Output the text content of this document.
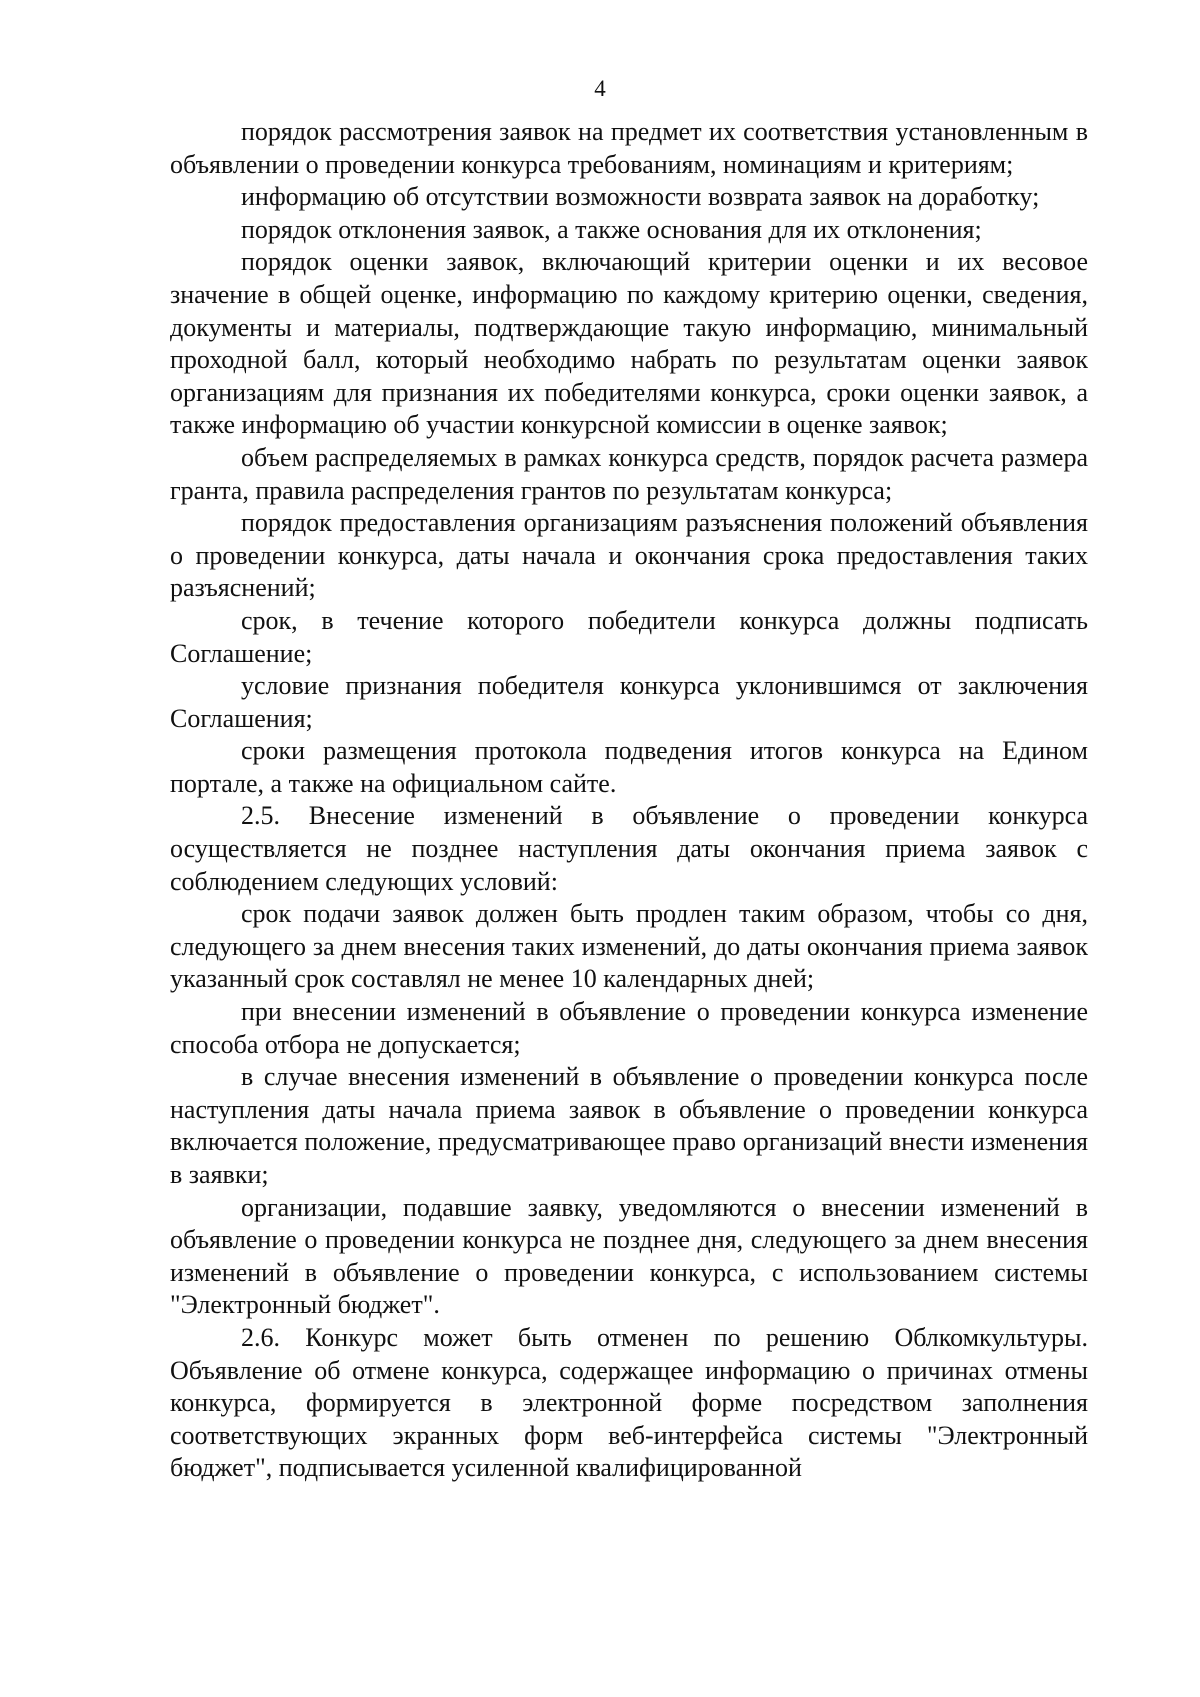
4

порядок рассмотрения заявок на предмет их соответствия установленным в объявлении о проведении конкурса требованиям, номинациям и критериям;

информацию об отсутствии возможности возврата заявок на доработку;

порядок отклонения заявок, а также основания для их отклонения;

порядок оценки заявок, включающий критерии оценки и их весовое значение в общей оценке, информацию по каждому критерию оценки, сведения, документы и материалы, подтверждающие такую информацию, минимальный проходной балл, который необходимо набрать по результатам оценки заявок организациям для признания их победителями конкурса, сроки оценки заявок, а также информацию об участии конкурсной комиссии в оценке заявок;

объем распределяемых в рамках конкурса средств, порядок расчета размера гранта, правила распределения грантов по результатам конкурса;

порядок предоставления организациям разъяснения положений объявления о проведении конкурса, даты начала и окончания срока предоставления таких разъяснений;

срок, в течение которого победители конкурса должны подписать Соглашение;

условие признания победителя конкурса уклонившимся от заключения Соглашения;

сроки размещения протокола подведения итогов конкурса на Едином портале, а также на официальном сайте.

2.5. Внесение изменений в объявление о проведении конкурса осуществляется не позднее наступления даты окончания приема заявок с соблюдением следующих условий:

срок подачи заявок должен быть продлен таким образом, чтобы со дня, следующего за днем внесения таких изменений, до даты окончания приема заявок указанный срок составлял не менее 10 календарных дней;

при внесении изменений в объявление о проведении конкурса изменение способа отбора не допускается;

в случае внесения изменений в объявление о проведении конкурса после наступления даты начала приема заявок в объявление о проведении конкурса включается положение, предусматривающее право организаций внести изменения в заявки;

организации, подавшие заявку, уведомляются о внесении изменений в объявление о проведении конкурса не позднее дня, следующего за днем внесения изменений в объявление о проведении конкурса, с использованием системы "Электронный бюджет".

2.6. Конкурс может быть отменен по решению Облкомкультуры. Объявление об отмене конкурса, содержащее информацию о причинах отмены конкурса, формируется в электронной форме посредством заполнения соответствующих экранных форм веб-интерфейса системы "Электронный бюджет", подписывается усиленной квалифицированной
